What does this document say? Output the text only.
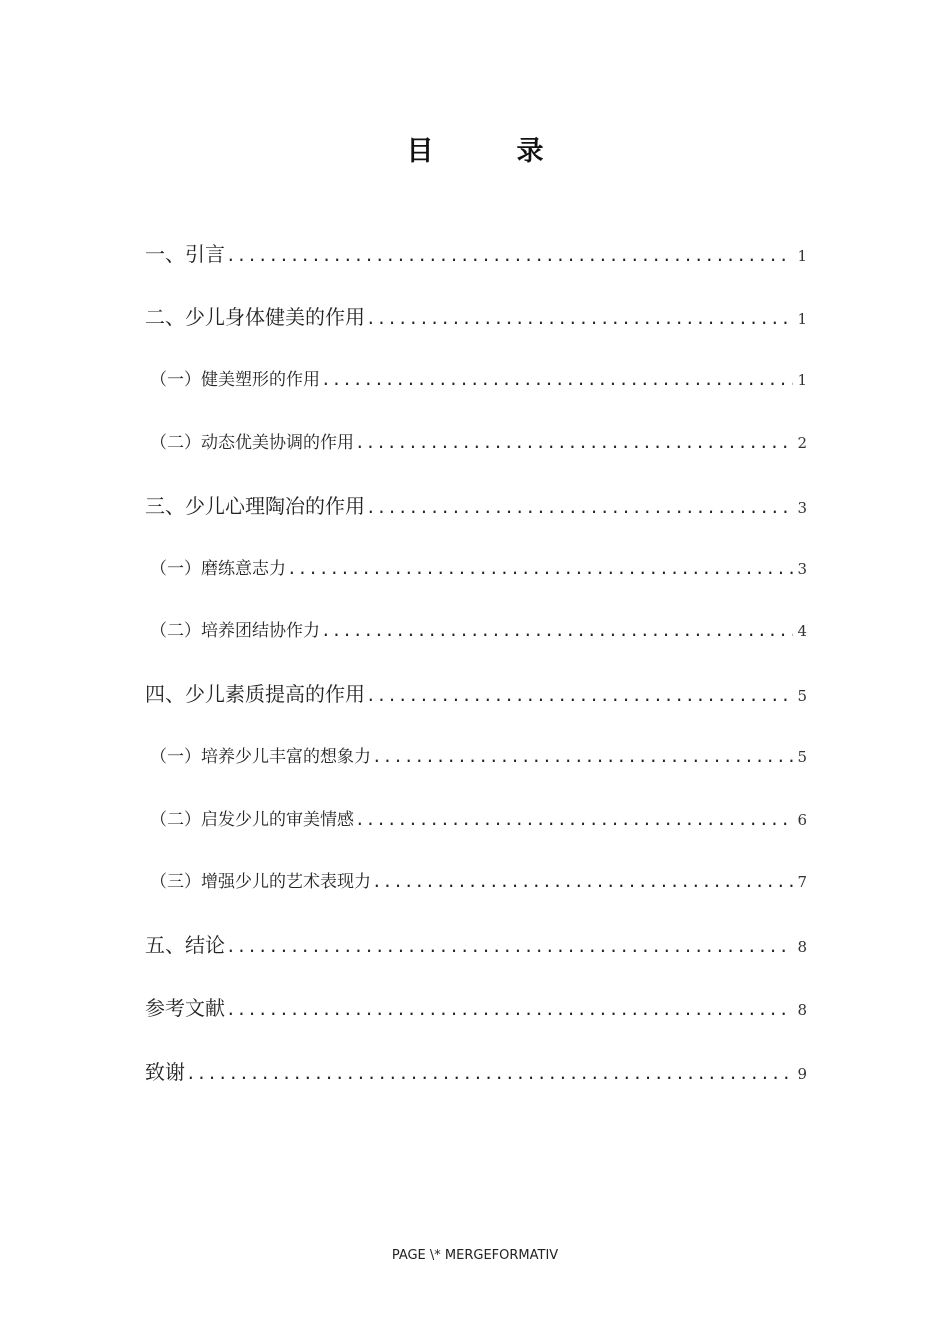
目　录
一、引言 .....	1
二、少儿身体健美的作用 .....	1
（一）健美塑形的作用 .....	1
（二）动态优美协调的作用 .....	2
三、少儿心理陶冶的作用 .....	3
（一）磨练意志力 .....	3
（二）培养团结协作力 .....	4
四、少儿素质提高的作用 .....	5
（一）培养少儿丰富的想象力 .....	5
（二）启发少儿的审美情感 .....	6
（三）增强少儿的艺术表现力 .....	7
五、结论 .....	8
参考文献 .....	8
致谢 .....	9
PAGE \* MERGEFORMATIV
